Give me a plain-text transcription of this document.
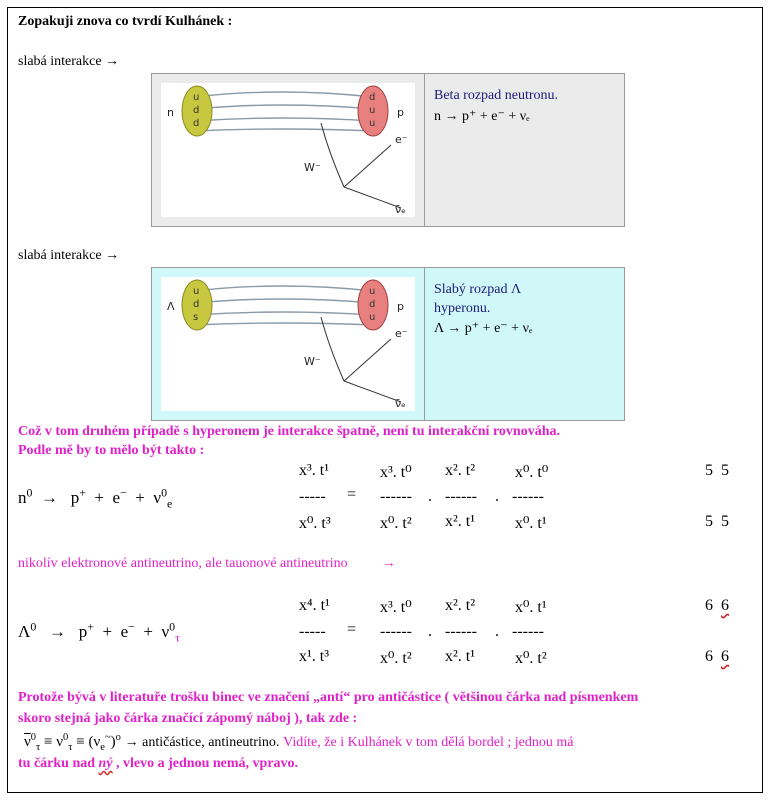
Zopakuji znova co tvrdí Kulhánek :
slabá interakce →
n
u
d
d
d
u
u
p
W⁻
e⁻
ν̄ₑ
Beta rozpad neutronu.
n → p⁺ + e⁻ + νₑ
slabá interakce →
Λ
u
d
s
u
d
u
p
W⁻
e⁻
ν̄ₑ
Slabý rozpad Λ
hyperonu.
Λ → p⁺ + e⁻ + νₑ
Což v tom druhém případě s hyperonem je interakce špatně, není tu interakční rovnováha.
Podle mě by to mělo být takto :
$n^0 \to p^+ + e^- + \nu^0_e$
x³. t¹	x³. t⁰ x². t² x⁰. t⁰
----- = ------ . ------ . ------
x⁰. t³	x⁰. t² x². t¹ x⁰. t¹
5  5
5  5
nikolív elektronové antineutrino, ale tauonové antineutrino →
$\Lambda^0 \to p^+ + e^- + \nu^0_\tau$
x⁴. t¹	x³. t⁰ x². t² x⁰. t¹
----- = ------ . ------ . ------
x¹. t³	x⁰. t² x². t¹ x⁰. t²
6 6
6 6
Protože bývá v literatuře trošku binec ve značení „antí“ pro antičástice ( většinou čárka nad písmenkem
skoro stejná jako čárka značící zápomý náboj ), tak zde :
$\overline{\nu}^0_\tau \equiv \nu^0_\tau \equiv (\nu_e^\sim)^o$ → antičástice, antineutrino. Vidíte, že i Kulhánek v tom dělá bordel ; jednou má
tu čárku nad ný , vlevo a jednou nemá, vpravo.
